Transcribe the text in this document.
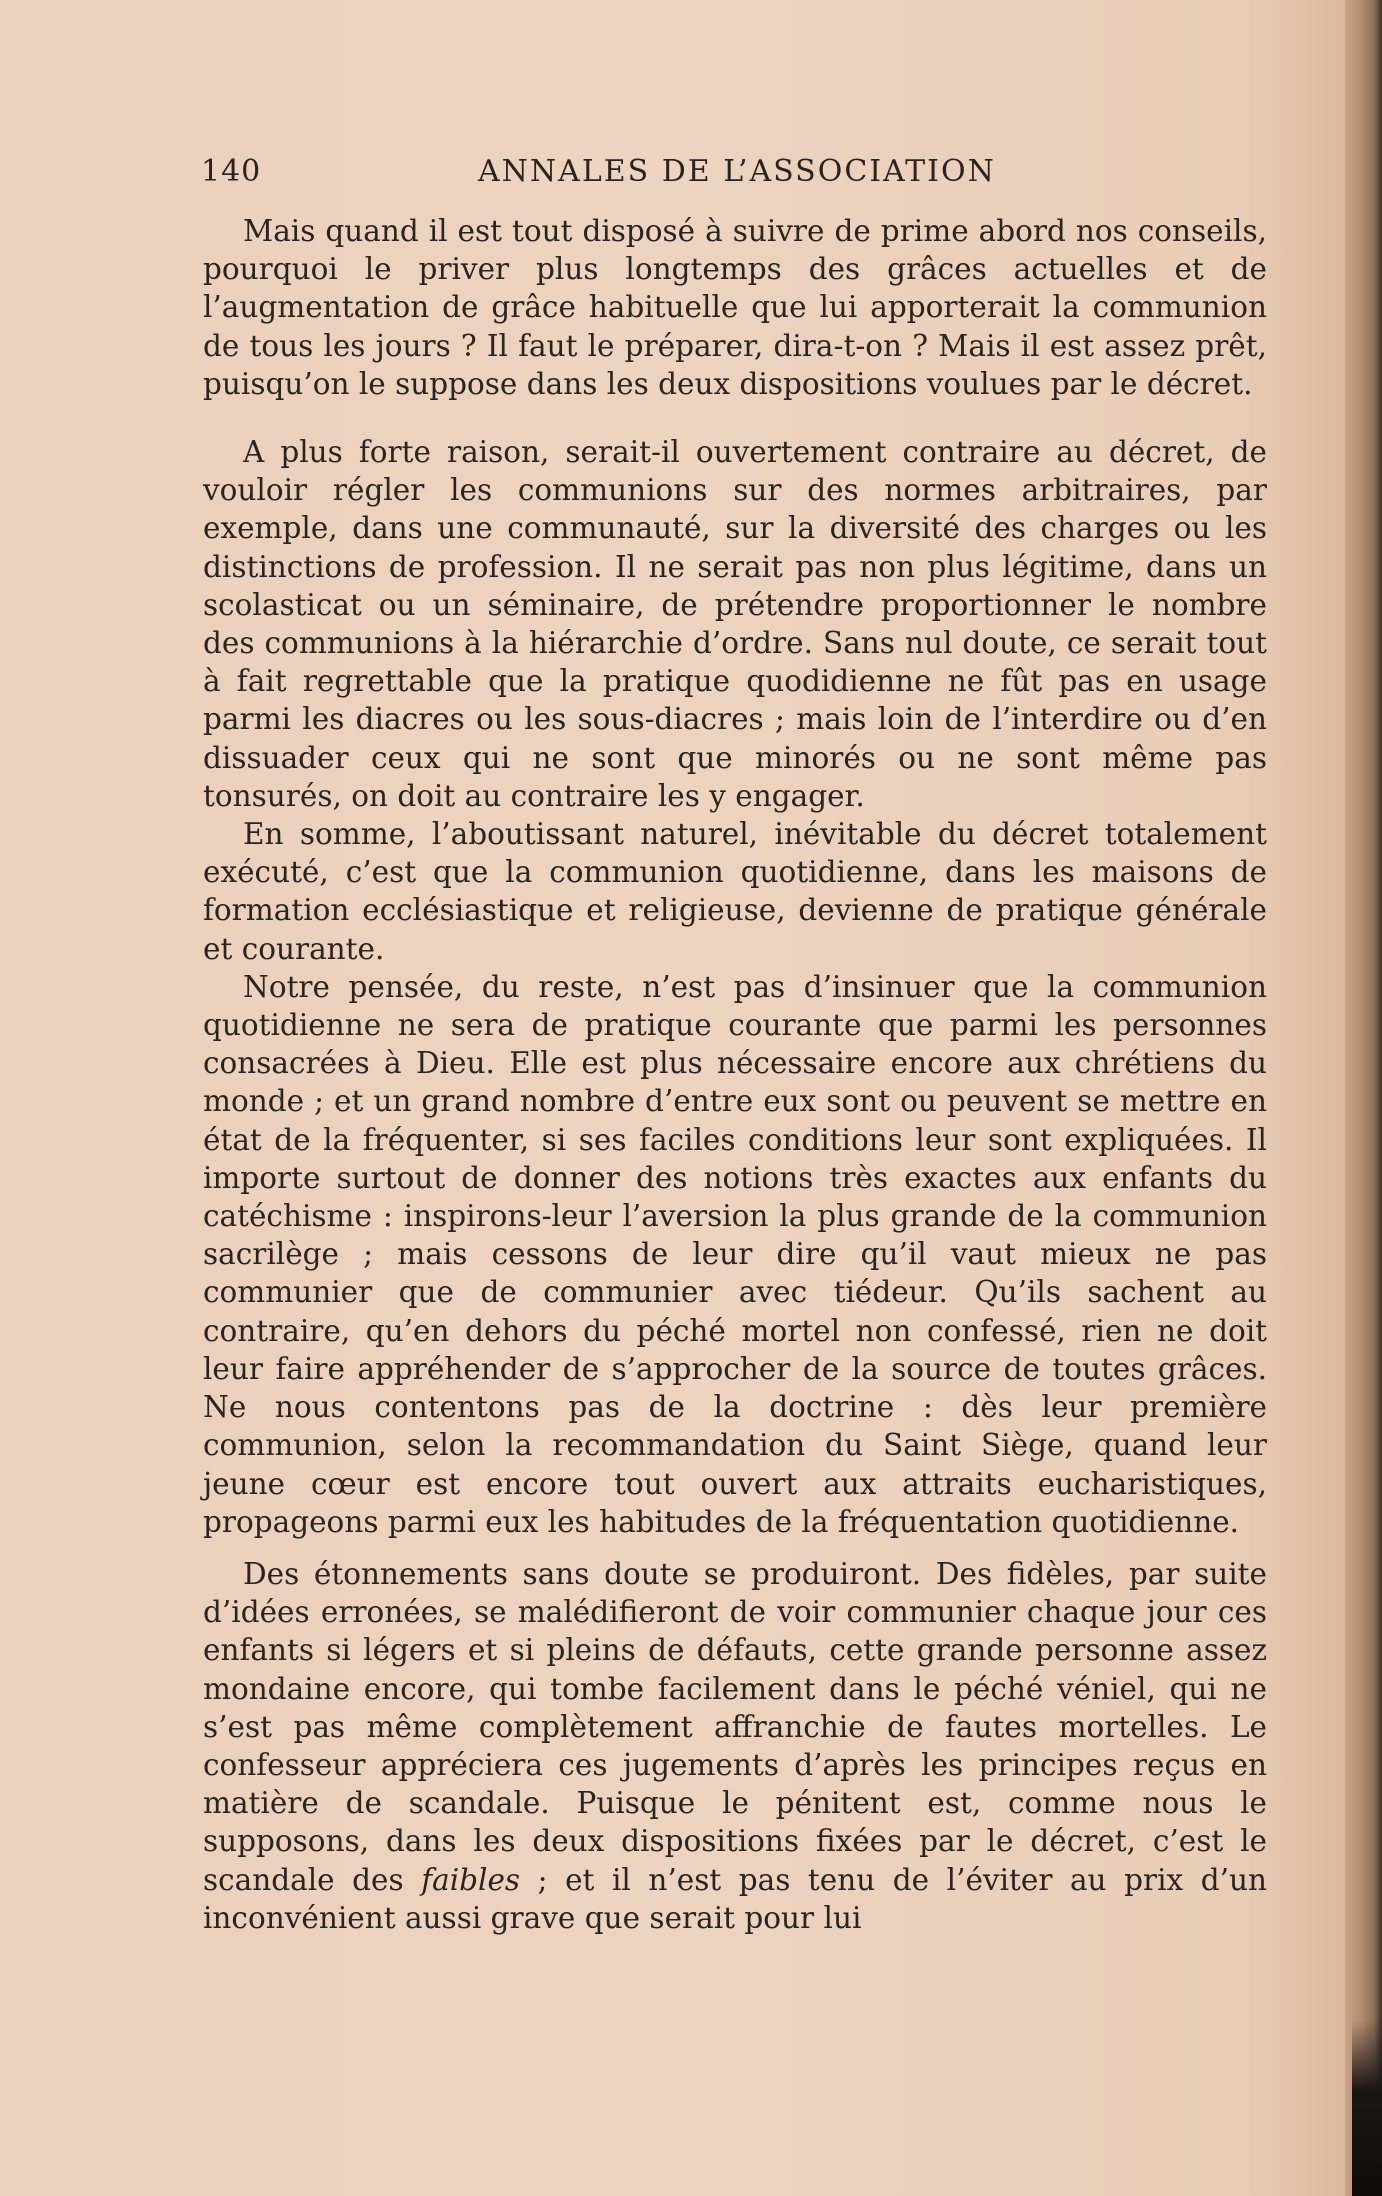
140	ANNALES DE L’ASSOCIATION

Mais quand il est tout disposé à suivre de prime abord nos conseils, pourquoi le priver plus longtemps des grâces actuelles et de l’augmentation de grâce habituelle que lui apporterait la communion de tous les jours ? Il faut le préparer, dira-t-on ? Mais il est assez prêt, puisqu’on le suppose dans les deux dispositions voulues par le décret.

A plus forte raison, serait-il ouvertement contraire au décret, de vouloir régler les communions sur des normes arbitraires, par exemple, dans une communauté, sur la diversité des charges ou les distinctions de profession. Il ne serait pas non plus légitime, dans un scolasticat ou un séminaire, de prétendre proportionner le nombre des communions à la hiérarchie d’ordre. Sans nul doute, ce serait tout à fait regrettable que la pratique quodidienne ne fût pas en usage parmi les diacres ou les sous-diacres ; mais loin de l’interdire ou d’en dissuader ceux qui ne sont que minorés ou ne sont même pas tonsurés, on doit au contraire les y engager.

En somme, l’aboutissant naturel, inévitable du décret totalement exécuté, c’est que la communion quotidienne, dans les maisons de formation ecclésiastique et religieuse, devienne de pratique générale et courante.

Notre pensée, du reste, n’est pas d’insinuer que la communion quotidienne ne sera de pratique courante que parmi les personnes consacrées à Dieu. Elle est plus nécessaire encore aux chrétiens du monde ; et un grand nombre d’entre eux sont ou peuvent se mettre en état de la fréquenter, si ses faciles conditions leur sont expliquées. Il importe surtout de donner des notions très exactes aux enfants du catéchisme : inspirons-leur l’aversion la plus grande de la communion sacrilège ; mais cessons de leur dire qu’il vaut mieux ne pas communier que de communier avec tiédeur. Qu’ils sachent au contraire, qu’en dehors du péché mortel non confessé, rien ne doit leur faire appréhender de s’approcher de la source de toutes grâces. Ne nous contentons pas de la doctrine : dès leur première communion, selon la recommandation du Saint Siège, quand leur jeune cœur est encore tout ouvert aux attraits eucharistiques, propageons parmi eux les habitudes de la fréquentation quotidienne.

Des étonnements sans doute se produiront. Des fidèles, par suite d’idées erronées, se malédifieront de voir communier chaque jour ces enfants si légers et si pleins de défauts, cette grande personne assez mondaine encore, qui tombe facilement dans le péché véniel, qui ne s’est pas même complètement affranchie de fautes mortelles. Le confesseur appréciera ces jugements d’après les principes reçus en matière de scandale. Puisque le pénitent est, comme nous le supposons, dans les deux dispositions fixées par le décret, c’est le scandale des faibles ; et il n’est pas tenu de l’éviter au prix d’un inconvénient aussi grave que serait pour lui
